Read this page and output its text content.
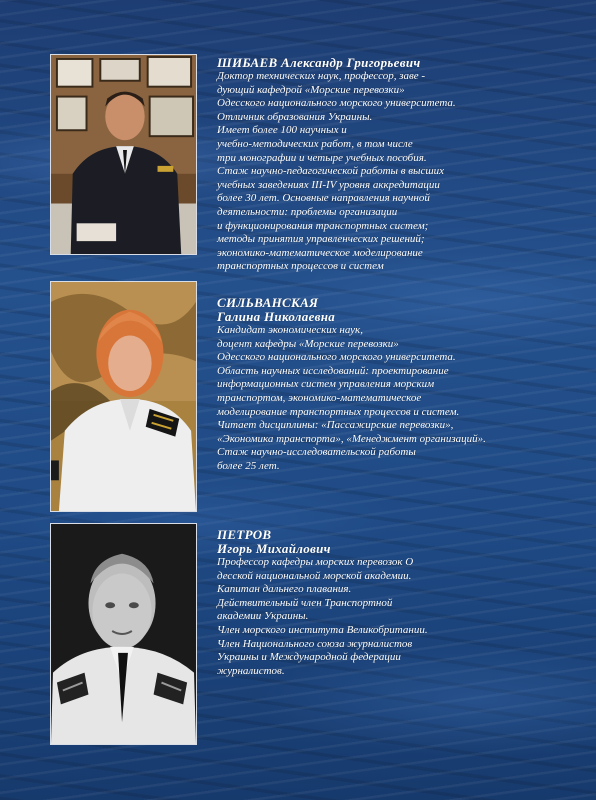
ШИБАЕВ Александр Григорьевич
Доктор технических наук, профессор, заве -
дующий кафедрой «Морские перевозки»
Одесского национального морского университета.
Отличник образования Украины.
Имеет более 100 научных и
учебно-методических работ, в том числе
три монографии и четыре учебных пособия.
Стаж научно-педагогической работы в высших
учебных заведениях III-IV уровня аккредитации
более 30 лет. Основные направления научной
деятельности: проблемы организации
и функционирования транспортных систем;
методы принятия управленческих решений;
экономико-математическое моделирование
транспортных процессов и систем
СИЛЬВАНСКАЯ
Галина Николаевна
Кандидат экономических наук,
доцент кафедры «Морские перевозки»
Одесского национального морского университета.
Область научных исследований: проектирование
информационных систем управления морским
транспортом, экономико-математическое
моделирование транспортных процессов и систем.
Читает дисциплины: «Пассажирские перевозки»,
«Экономика транспорта», «Менеджмент организаций».
Стаж научно-исследовательской работы
более 25 лет.
ПЕТРОВ
Игорь Михайлович
Профессор кафедры морских перевозок О
десской национальной морской академии.
Капитан дальнего плавания.
Действительный член Транспортной
академии Украины.
Член морского института Великобритании.
Член Национального союза журналистов
Украины и Международной федерации
журналистов.
